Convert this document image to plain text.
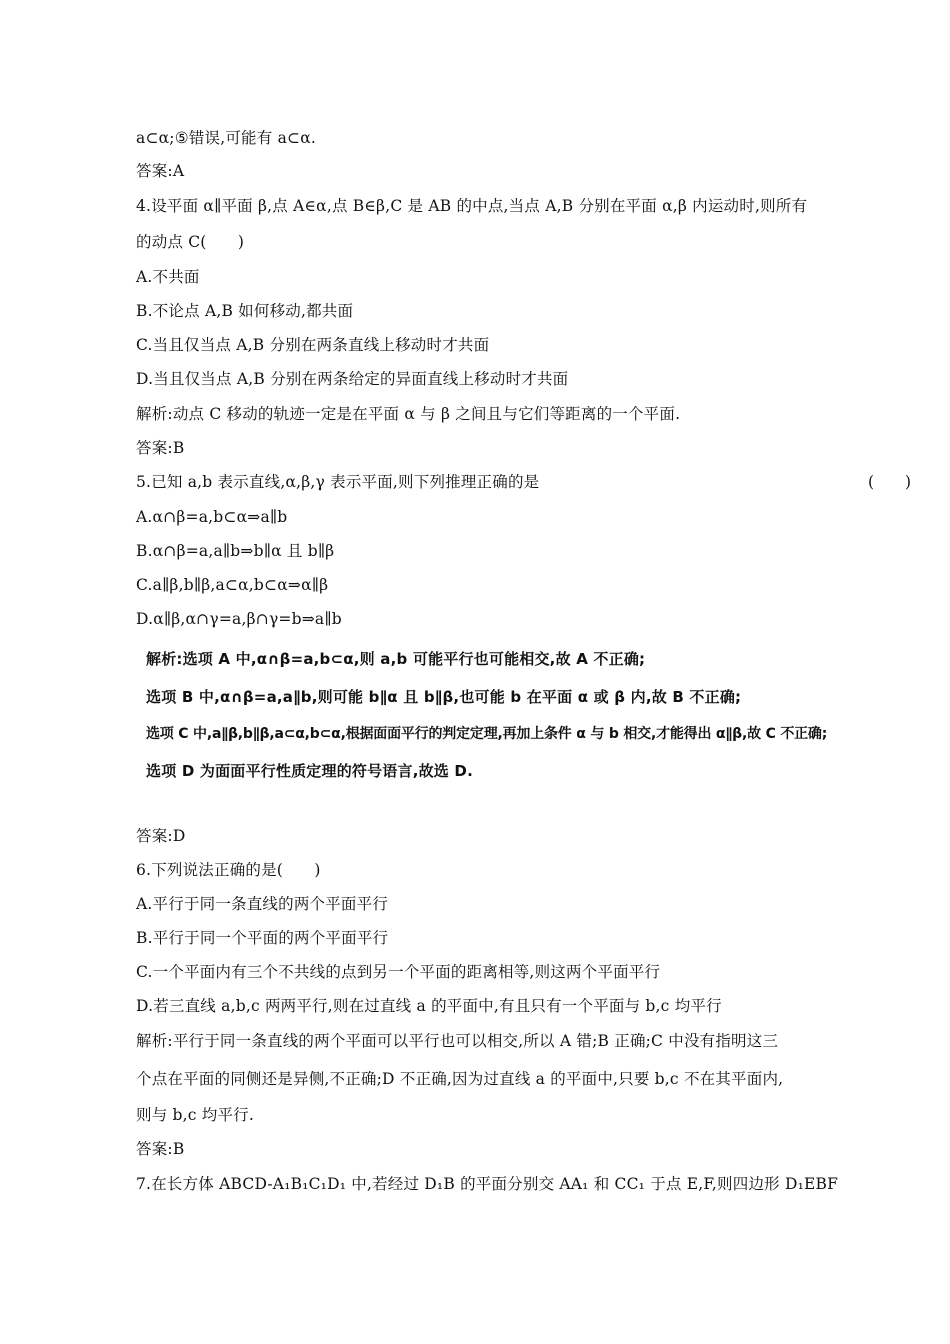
a⊂α;⑤错误,可能有 a⊂α.
答案:A
4.设平面 α∥平面 β,点 A∈α,点 B∈β,C 是 AB 的中点,当点 A,B 分别在平面 α,β 内运动时,则所有
的动点 C(　　)
A.不共面
B.不论点 A,B 如何移动,都共面
C.当且仅当点 A,B 分别在两条直线上移动时才共面
D.当且仅当点 A,B 分别在两条给定的异面直线上移动时才共面
解析:动点 C 移动的轨迹一定是在平面 α 与 β 之间且与它们等距离的一个平面.
答案:B
5.已知 a,b 表示直线,α,β,γ 表示平面,则下列推理正确的是	(　　)
A.α∩β=a,b⊂α⇒a∥b
B.α∩β=a,a∥b⇒b∥α 且 b∥β
C.a∥β,b∥β,a⊂α,b⊂α⇒α∥β
D.α∥β,α∩γ=a,β∩γ=b⇒a∥b
解析:选项 A 中,α∩β=a,b⊂α,则 a,b 可能平行也可能相交,故 A 不正确;
选项 B 中,α∩β=a,a∥b,则可能 b∥α 且 b∥β,也可能 b 在平面 α 或 β 内,故 B 不正确;
选项 C 中,a∥β,b∥β,a⊂α,b⊂α,根据面面平行的判定定理,再加上条件 α 与 b 相交,才能得出 α∥β,故 C 不正确;
选项 D 为面面平行性质定理的符号语言,故选 D.
答案:D
6.下列说法正确的是(　　)
A.平行于同一条直线的两个平面平行
B.平行于同一个平面的两个平面平行
C.一个平面内有三个不共线的点到另一个平面的距离相等,则这两个平面平行
D.若三直线 a,b,c 两两平行,则在过直线 a 的平面中,有且只有一个平面与 b,c 均平行
解析:平行于同一条直线的两个平面可以平行也可以相交,所以 A 错;B 正确;C 中没有指明这三
个点在平面的同侧还是异侧,不正确;D 不正确,因为过直线 a 的平面中,只要 b,c 不在其平面内,
则与 b,c 均平行.
答案:B
7.在长方体 ABCD-A₁B₁C₁D₁ 中,若经过 D₁B 的平面分别交 AA₁ 和 CC₁ 于点 E,F,则四边形 D₁EBF
